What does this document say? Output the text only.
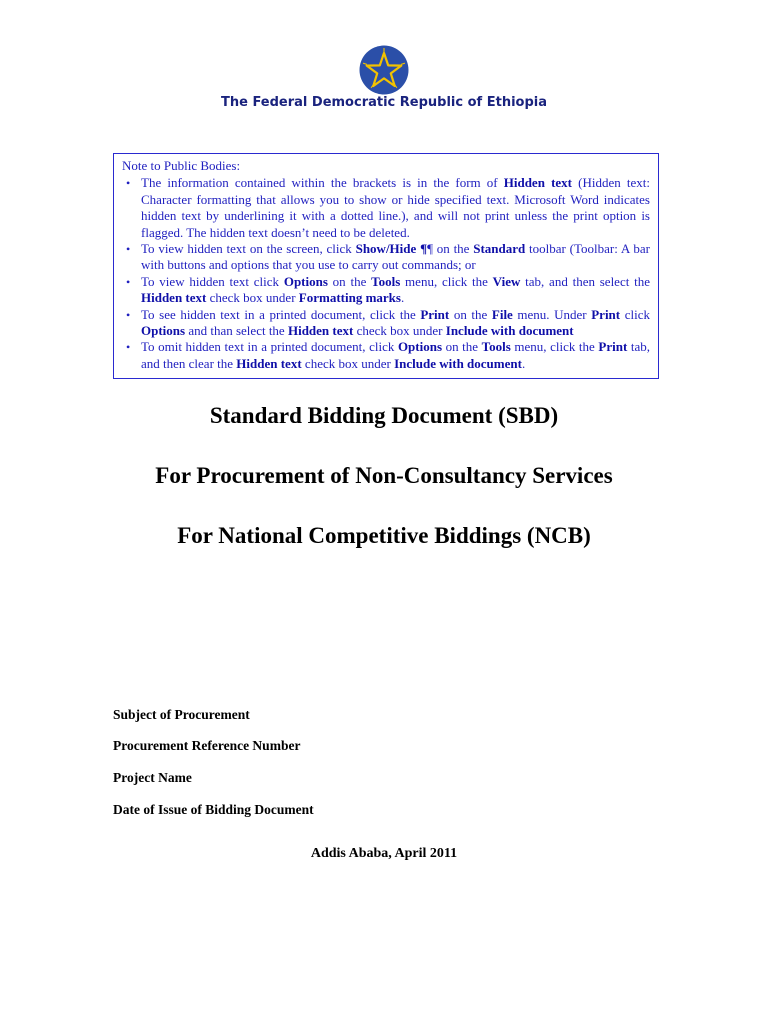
The Federal Democratic Republic of Ethiopia
Note to Public Bodies:
• The information contained within the brackets is in the form of Hidden text (Hidden text: Character formatting that allows you to show or hide specified text. Microsoft Word indicates hidden text by underlining it with a dotted line.), and will not print unless the print option is flagged. The hidden text doesn’t need to be deleted.
• To view hidden text on the screen, click Show/Hide ¶¶ on the Standard toolbar (Toolbar: A bar with buttons and options that you use to carry out commands; or
• To view hidden text click Options on the Tools menu, click the View tab, and then select the Hidden text check box under Formatting marks.
• To see hidden text in a printed document, click the Print on the File menu. Under Print click Options and than select the Hidden text check box under Include with document
• To omit hidden text in a printed document, click Options on the Tools menu, click the Print tab, and then clear the Hidden text check box under Include with document.
Standard Bidding Document (SBD)
For Procurement of Non-Consultancy Services
For National Competitive Biddings (NCB)
Subject of Procurement
Procurement Reference Number
Project Name
Date of Issue of Bidding Document
Addis Ababa, April 2011
